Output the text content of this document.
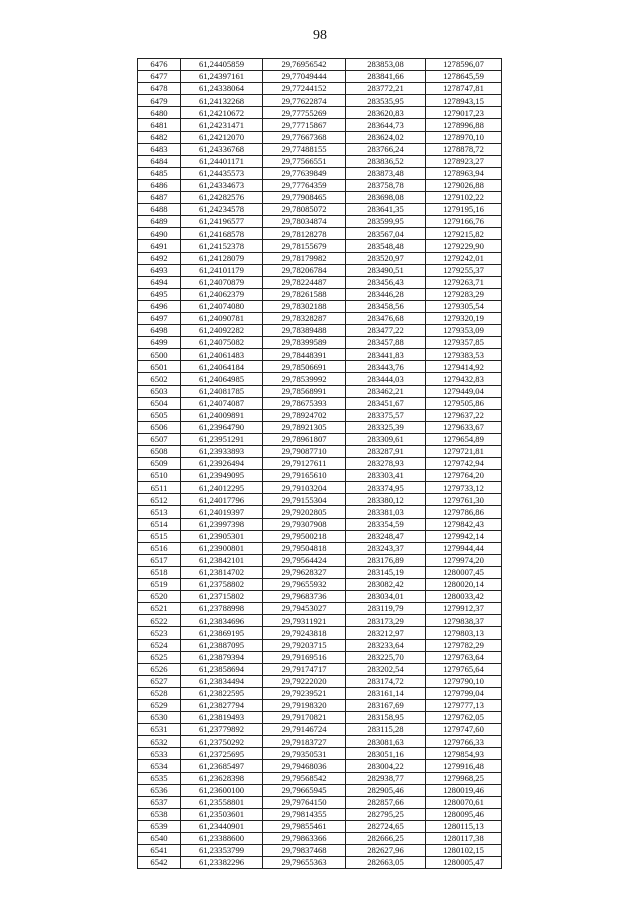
98
6476	61,24405859	29,76956542	283853,08	1278596,07
6477	61,24397161	29,77049444	283841,66	1278645,59
6478	61,24338064	29,77244152	283772,21	1278747,81
6479	61,24132268	29,77622874	283535,95	1278943,15
6480	61,24210672	29,77755269	283620,83	1279017,23
6481	61,24231471	29,77715867	283644,73	1278996,88
6482	61,24212070	29,77667368	283624,02	1278970,10
6483	61,24336768	29,77488155	283766,24	1278878,72
6484	61,24401171	29,77566551	283836,52	1278923,27
6485	61,24435573	29,77639849	283873,48	1278963,94
6486	61,24334673	29,77764359	283758,78	1279026,88
6487	61,24282576	29,77908465	283698,08	1279102,22
6488	61,24234578	29,78085072	283641,35	1279195,16
6489	61,24196577	29,78034874	283599,95	1279166,76
6490	61,24168578	29,78128278	283567,04	1279215,82
6491	61,24152378	29,78155679	283548,48	1279229,90
6492	61,24128079	29,78179982	283520,97	1279242,01
6493	61,24101179	29,78206784	283490,51	1279255,37
6494	61,24070879	29,78224487	283456,43	1279263,71
6495	61,24062379	29,78261588	283446,28	1279283,29
6496	61,24074080	29,78302188	283458,56	1279305,54
6497	61,24090781	29,78328287	283476,68	1279320,19
6498	61,24092282	29,78389488	283477,22	1279353,09
6499	61,24075082	29,78399589	283457,88	1279357,85
6500	61,24061483	29,78448391	283441,83	1279383,53
6501	61,24064184	29,78506691	283443,76	1279414,92
6502	61,24064985	29,78539992	283444,03	1279432,83
6503	61,24081785	29,78568991	283462,21	1279449,04
6504	61,24074087	29,78675393	283451,67	1279505,86
6505	61,24009891	29,78924702	283375,57	1279637,22
6506	61,23964790	29,78921305	283325,39	1279633,67
6507	61,23951291	29,78961807	283309,61	1279654,89
6508	61,23933893	29,79087710	283287,91	1279721,81
6509	61,23926494	29,79127611	283278,93	1279742,94
6510	61,23949095	29,79165610	283303,41	1279764,20
6511	61,24012295	29,79103204	283374,95	1279733,12
6512	61,24017796	29,79155304	283380,12	1279761,30
6513	61,24019397	29,79202805	283381,03	1279786,86
6514	61,23997398	29,79307908	283354,59	1279842,43
6515	61,23905301	29,79500218	283248,47	1279942,14
6516	61,23900801	29,79504818	283243,37	1279944,44
6517	61,23842101	29,79564424	283176,89	1279974,20
6518	61,23814702	29,79628327	283145,19	1280007,45
6519	61,23758802	29,79655932	283082,42	1280020,14
6520	61,23715802	29,79683736	283034,01	1280033,42
6521	61,23788998	29,79453027	283119,79	1279912,37
6522	61,23834696	29,79311921	283173,29	1279838,37
6523	61,23869195	29,79243818	283212,97	1279803,13
6524	61,23887095	29,79203715	283233,64	1279782,29
6525	61,23879394	29,79169516	283225,70	1279763,64
6526	61,23858694	29,79174717	283202,54	1279765,64
6527	61,23834494	29,79222020	283174,72	1279790,10
6528	61,23822595	29,79239521	283161,14	1279799,04
6529	61,23827794	29,79198320	283167,69	1279777,13
6530	61,23819493	29,79170821	283158,95	1279762,05
6531	61,23779892	29,79146724	283115,28	1279747,60
6532	61,23750292	29,79183727	283081,63	1279766,33
6533	61,23725695	29,79350531	283051,16	1279854,93
6534	61,23685497	29,79468036	283004,22	1279916,48
6535	61,23628398	29,79568542	282938,77	1279968,25
6536	61,23600100	29,79665945	282905,46	1280019,46
6537	61,23558801	29,79764150	282857,66	1280070,61
6538	61,23503601	29,79814355	282795,25	1280095,46
6539	61,23440901	29,79855461	282724,65	1280115,13
6540	61,23388600	29,79863366	282666,25	1280117,38
6541	61,23353799	29,79837468	282627,96	1280102,15
6542	61,23382296	29,79655363	282663,05	1280005,47
